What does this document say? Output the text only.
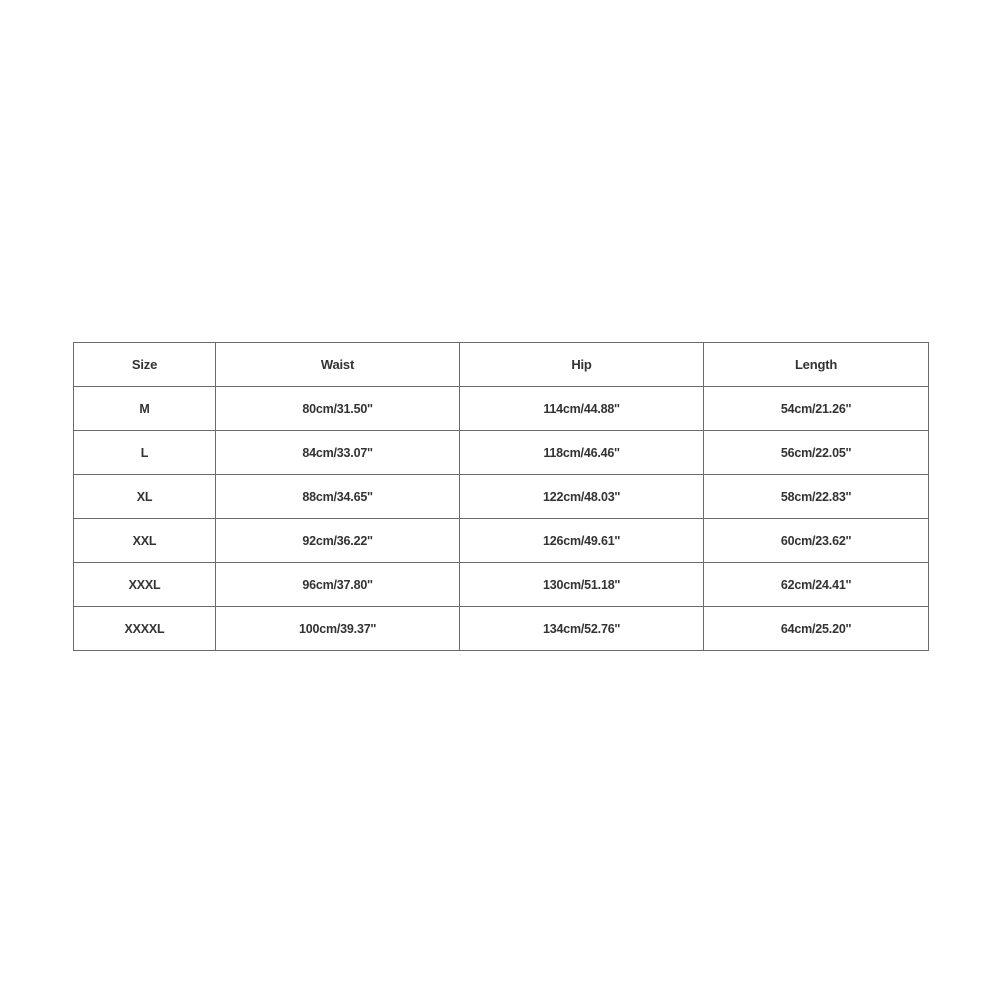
Size	Waist	Hip	Length
M	80cm/31.50''	114cm/44.88''	54cm/21.26''
L	84cm/33.07''	118cm/46.46''	56cm/22.05''
XL	88cm/34.65''	122cm/48.03''	58cm/22.83''
XXL	92cm/36.22''	126cm/49.61''	60cm/23.62''
XXXL	96cm/37.80''	130cm/51.18''	62cm/24.41''
XXXXL	100cm/39.37''	134cm/52.76''	64cm/25.20''
